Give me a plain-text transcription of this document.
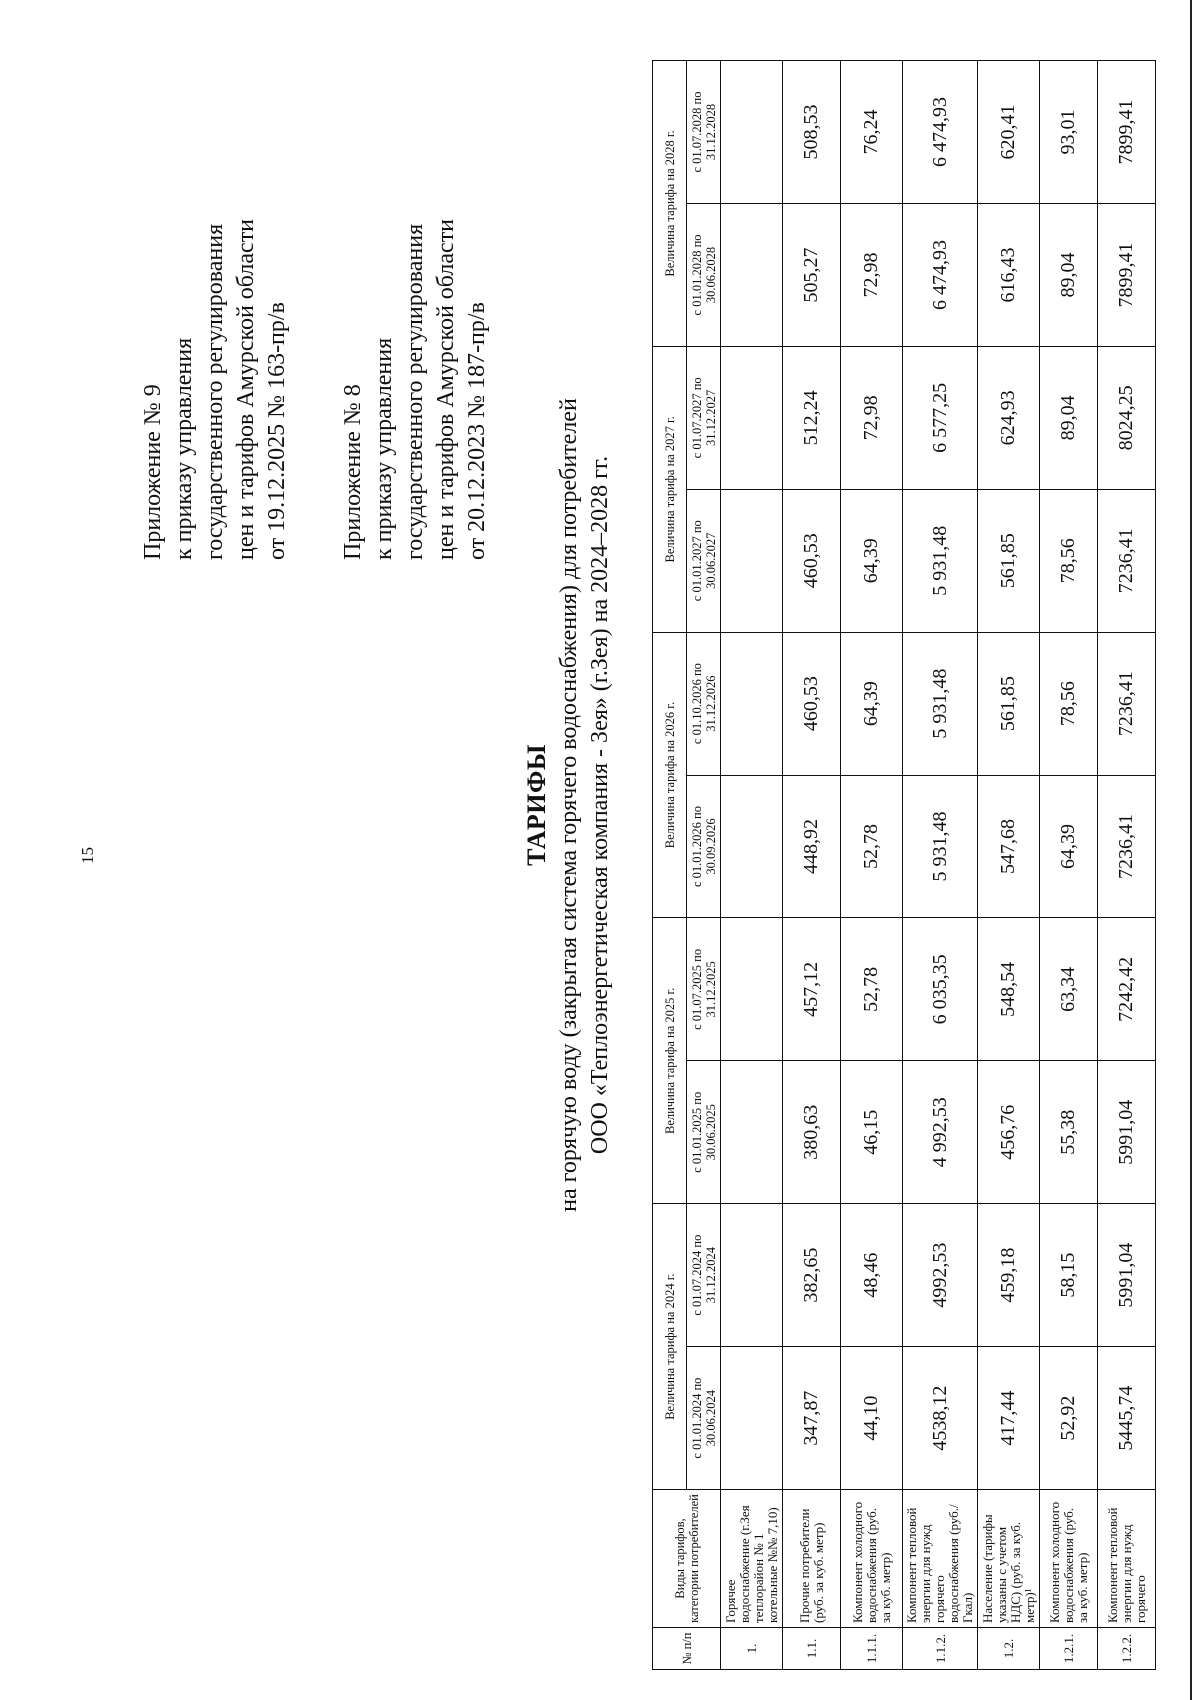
15
Приложение № 9 к приказу управления государственного регулирования цен и тарифов Амурской области от 19.12.2025 № 163-пр/в Приложение № 8 к приказу управления государственного регулирования цен и тарифов Амурской области от 20.12.2023 № 187-пр/в
ТАРИФЫ на горячую воду (закрытая система горячего водоснабжения) для потребителей ООО «Теплоэнергетическая компания - Зея» (г.Зея) на 2024–2028 гг.
№ п/п	Виды тарифов, категории потребителей	Величина тарифа на 2024 г.		Величина тарифа на 2025 г.		Величина тарифа на 2026 г.		Величина тарифа на 2027 г.		Величина тарифа на 2028 г.	
		с 01.01.2024 по 30.06.2024	с 01.07.2024 по 31.12.2024	с 01.01.2025 по 30.06.2025	с 01.07.2025 по 31.12.2025	с 01.01.2026 по 30.09.2026	с 01.10.2026 по 31.12.2026	с 01.01.2027 по 30.06.2027	с 01.07.2027 по 31.12.2027	с 01.01.2028 по 30.06.2028	с 01.07.2028 по 31.12.2028
1.	Горячее водоснабжение (г.Зея теплорайон № 1 котельные №№ 7,10)										
1.1.	Прочие потребители (руб. за куб. метр)	347,87	382,65	380,63	457,12	448,92	460,53	460,53	512,24	505,27	508,53
1.1.1.	Компонент холодного водоснабжения (руб. за куб. метр)	44,10	48,46	46,15	52,78	52,78	64,39	64,39	72,98	72,98	76,24
1.1.2.	Компонент тепловой энергии для нужд горячего водоснабжения (руб./Гкал)	4538,12	4992,53	4 992,53	6 035,35	5 931,48	5 931,48	5 931,48	6 577,25	6 474,93	6 474,93
1.2.	Население (тарифы указаны с учетом НДС) (руб. за куб. метр)¹	417,44	459,18	456,76	548,54	547,68	561,85	561,85	624,93	616,43	620,41
1.2.1.	Компонент холодного водоснабжения (руб. за куб. метр)	52,92	58,15	55,38	63,34	64,39	78,56	78,56	89,04	89,04	93,01
1.2.2.	Компонент тепловой энергии для нужд горячего	5445,74	5991,04	5991,04	7242,42	7236,41	7236,41	7236,41	8024,25	7899,41	7899,41
